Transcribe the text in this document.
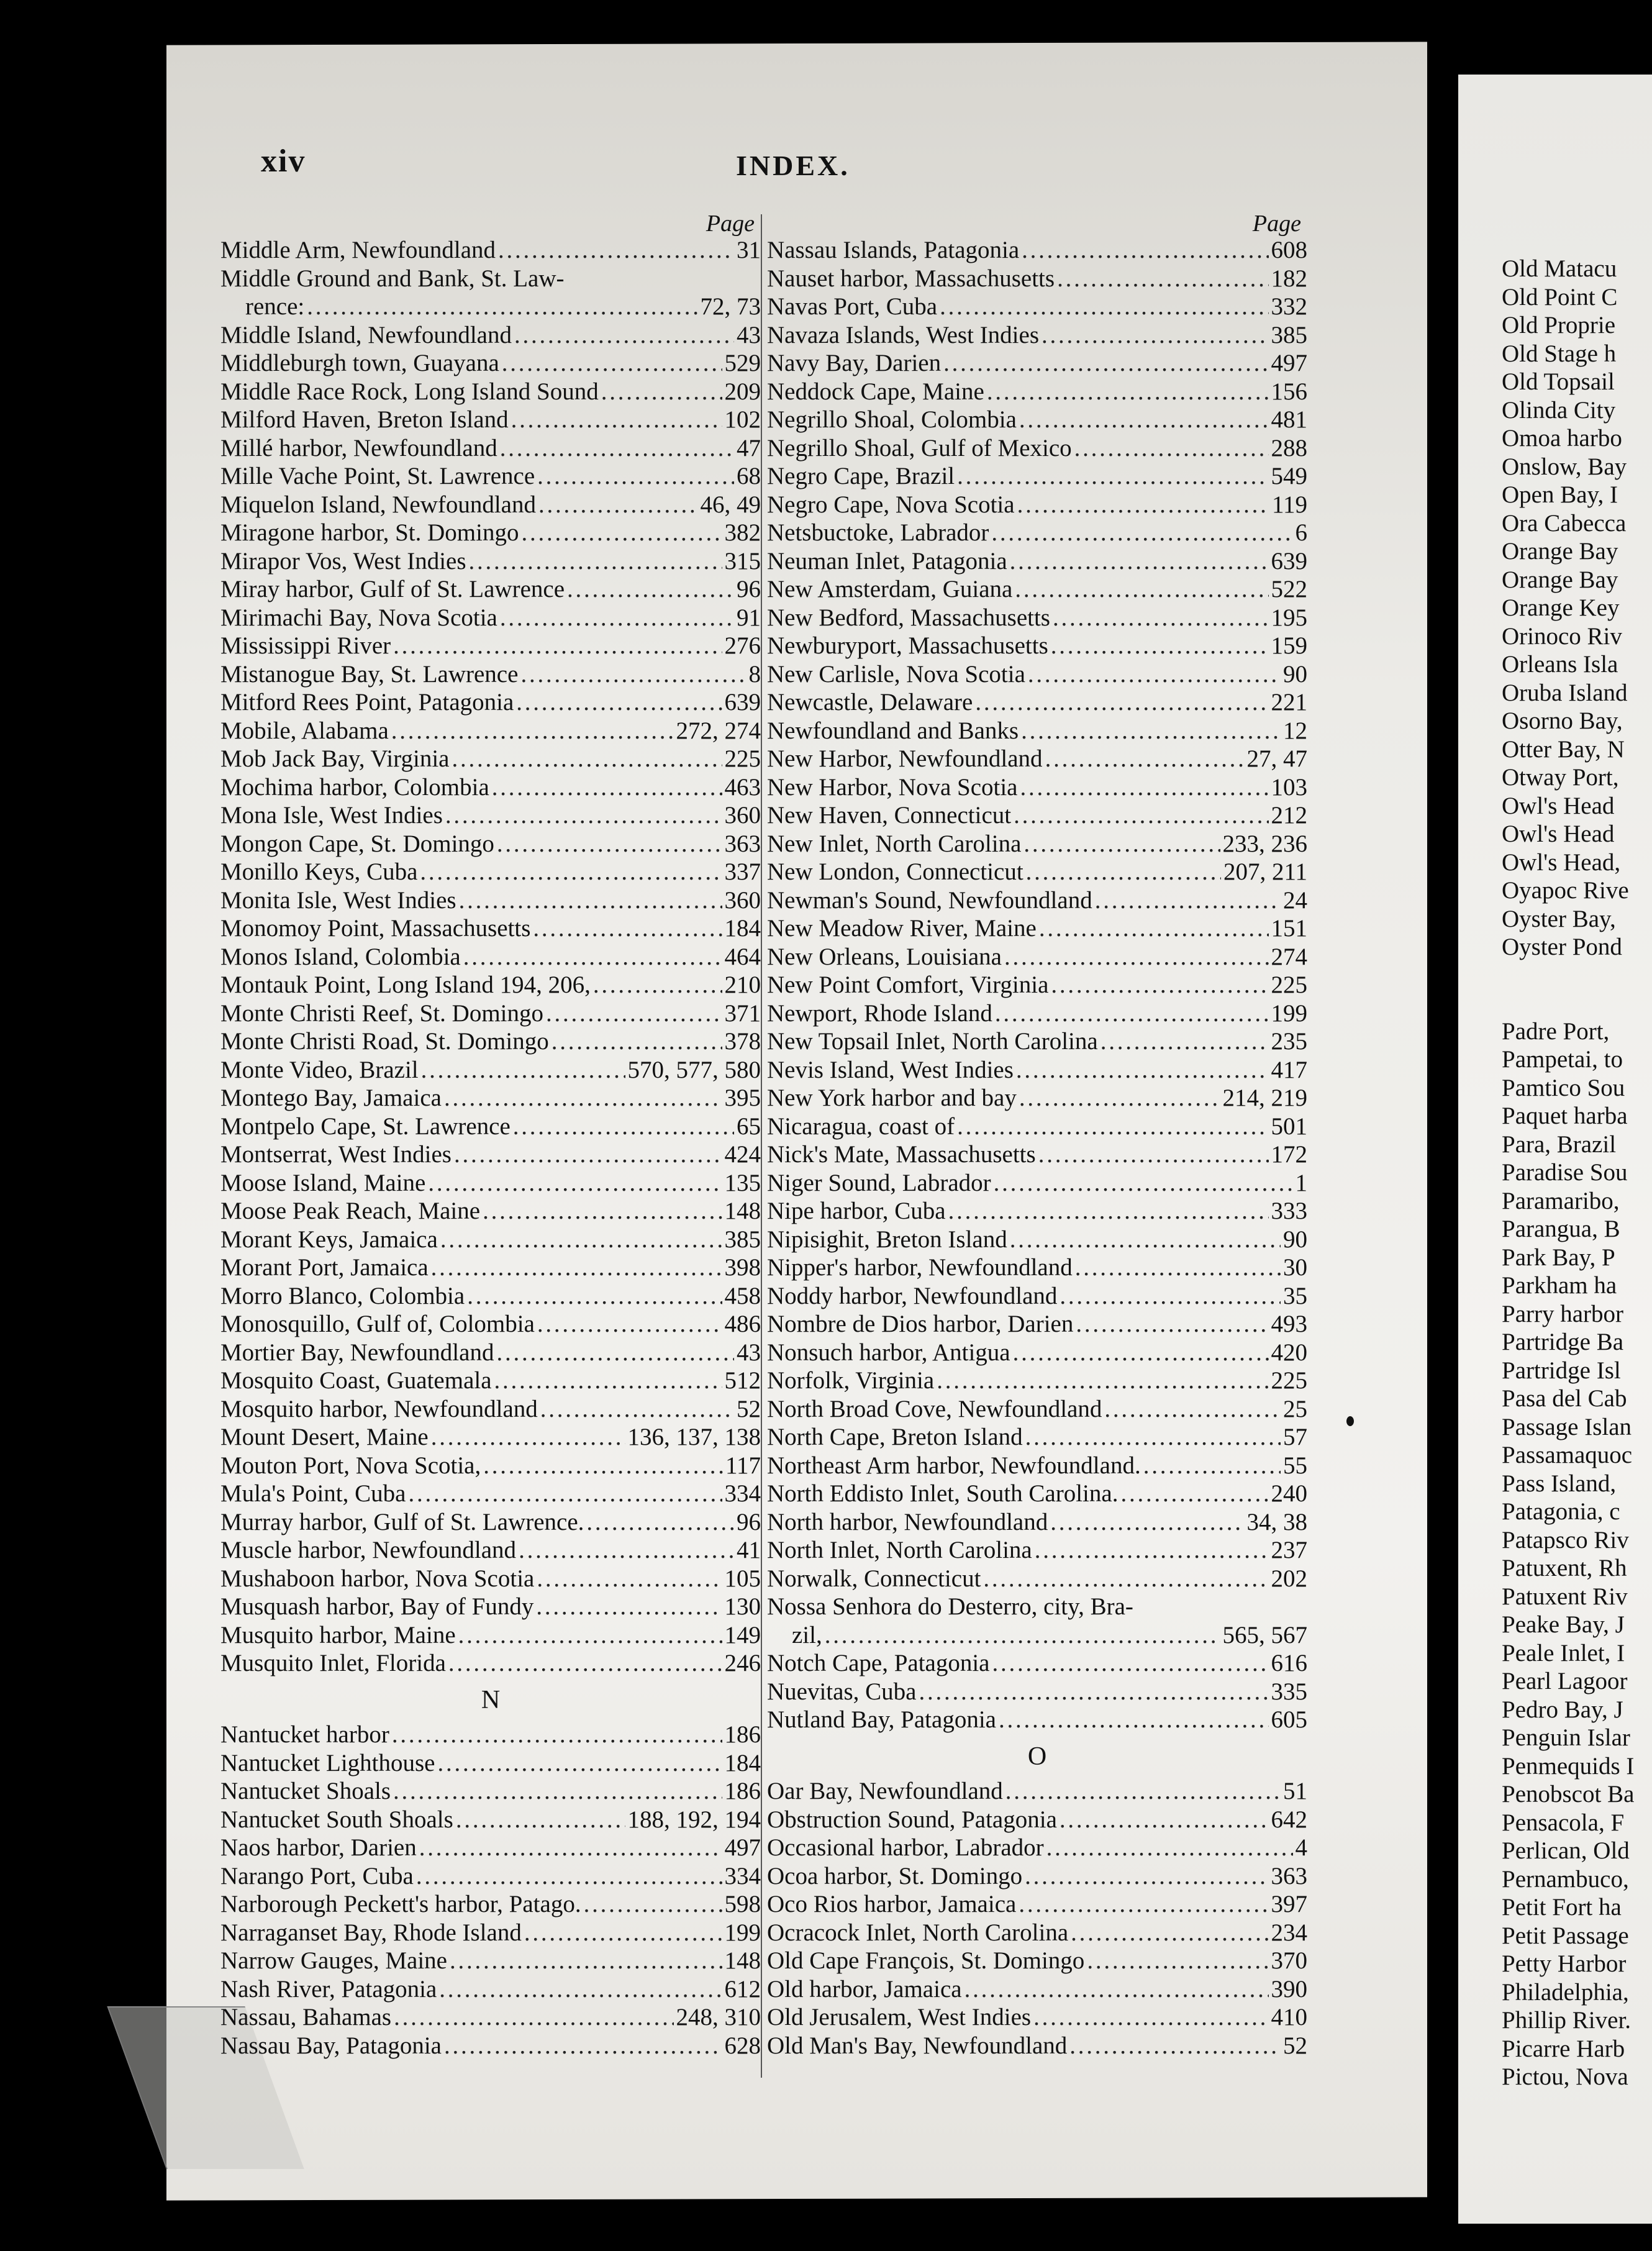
xiv	INDEX.
Page
Middle Arm, Newfoundland . . .	31
Middle Ground and Bank, St. Law-
rence: . . .	72, 73
Middle Island, Newfoundland . . .	43
Middleburgh town, Guayana . . .	529
Middle Race Rock, Long Island Sound . . .	209
Milford Haven, Breton Island . . .	102
Millé harbor, Newfoundland . . .	47
Mille Vache Point, St. Lawrence . . .	68
Miquelon Island, Newfoundland . . .	46, 49
Miragone harbor, St. Domingo . . .	382
Mirapor Vos, West Indies . . .	315
Miray harbor, Gulf of St. Lawrence . . .	96
Mirimachi Bay, Nova Scotia . . .	91
Mississippi River . . .	276
Mistanogue Bay, St. Lawrence . . .	8
Mitford Rees Point, Patagonia . . .	639
Mobile, Alabama . . .	272, 274
Mob Jack Bay, Virginia . . .	225
Mochima harbor, Colombia . . .	463
Mona Isle, West Indies . . .	360
Mongon Cape, St. Domingo . . .	363
Monillo Keys, Cuba . . .	337
Monita Isle, West Indies . . .	360
Monomoy Point, Massachusetts . . .	184
Monos Island, Colombia . . .	464
Montauk Point, Long Island 194, 206, . . .	210
Monte Christi Reef, St. Domingo . . .	371
Monte Christi Road, St. Domingo . . .	378
Monte Video, Brazil . . .	570, 577, 580
Montego Bay, Jamaica . . .	395
Montpelo Cape, St. Lawrence . . .	65
Montserrat, West Indies . . .	424
Moose Island, Maine . . .	135
Moose Peak Reach, Maine . . .	148
Morant Keys, Jamaica . . .	385
Morant Port, Jamaica . . .	398
Morro Blanco, Colombia . . .	458
Monosquillo, Gulf of, Colombia . . .	486
Mortier Bay, Newfoundland . . .	43
Mosquito Coast, Guatemala . . .	512
Mosquito harbor, Newfoundland . . .	52
Mount Desert, Maine . . .	136, 137, 138
Mouton Port, Nova Scotia, . . .	117
Mula's Point, Cuba . . .	334
Murray harbor, Gulf of St. Lawrence. . . .	96
Muscle harbor, Newfoundland . . .	41
Mushaboon harbor, Nova Scotia . . .	105
Musquash harbor, Bay of Fundy . . .	130
Musquito harbor, Maine . . .	149
Musquito Inlet, Florida . . .	246
N
Nantucket harbor . . .	186
Nantucket Lighthouse . . .	184
Nantucket Shoals . . .	186
Nantucket South Shoals . . .	188, 192, 194
Naos harbor, Darien . . .	497
Narango Port, Cuba . . .	334
Narborough Peckett's harbor, Patago. . . .	598
Narraganset Bay, Rhode Island . . .	199
Narrow Gauges, Maine . . .	148
Nash River, Patagonia . . .	612
Nassau, Bahamas . . .	248, 310
Nassau Bay, Patagonia . . .	628
Page
Nassau Islands, Patagonia . . .	608
Nauset harbor, Massachusetts . . .	182
Navas Port, Cuba . . .	332
Navaza Islands, West Indies . . .	385
Navy Bay, Darien . . .	497
Neddock Cape, Maine . . .	156
Negrillo Shoal, Colombia . . .	481
Negrillo Shoal, Gulf of Mexico . . .	288
Negro Cape, Brazil . . .	549
Negro Cape, Nova Scotia . . .	119
Netsbuctoke, Labrador . . .	6
Neuman Inlet, Patagonia . . .	639
New Amsterdam, Guiana . . .	522
New Bedford, Massachusetts . . .	195
Newburyport, Massachusetts . . .	159
New Carlisle, Nova Scotia . . .	90
Newcastle, Delaware . . .	221
Newfoundland and Banks . . .	12
New Harbor, Newfoundland . . .	27, 47
New Harbor, Nova Scotia . . .	103
New Haven, Connecticut . . .	212
New Inlet, North Carolina . . .	233, 236
New London, Connecticut . . .	207, 211
Newman's Sound, Newfoundland . . .	24
New Meadow River, Maine . . .	151
New Orleans, Louisiana . . .	274
New Point Comfort, Virginia . . .	225
Newport, Rhode Island . . .	199
New Topsail Inlet, North Carolina . . .	235
Nevis Island, West Indies . . .	417
New York harbor and bay . . .	214, 219
Nicaragua, coast of . . .	501
Nick's Mate, Massachusetts . . .	172
Niger Sound, Labrador . . .	1
Nipe harbor, Cuba . . .	333
Nipisighit, Breton Island . . .	90
Nipper's harbor, Newfoundland . . .	30
Noddy harbor, Newfoundland . . .	35
Nombre de Dios harbor, Darien . . .	493
Nonsuch harbor, Antigua . . .	420
Norfolk, Virginia . . .	225
North Broad Cove, Newfoundland . . .	25
North Cape, Breton Island . . .	57
Northeast Arm harbor, Newfoundland. . . .	55
North Eddisto Inlet, South Carolina. . . .	240
North harbor, Newfoundland . . .	34, 38
North Inlet, North Carolina . . .	237
Norwalk, Connecticut . . .	202
Nossa Senhora do Desterro, city, Bra-
zil, . . .	565, 567
Notch Cape, Patagonia . . .	616
Nuevitas, Cuba . . .	335
Nutland Bay, Patagonia . . .	605
O
Oar Bay, Newfoundland . . .	51
Obstruction Sound, Patagonia . . .	642
Occasional harbor, Labrador . . .	4
Ocoa harbor, St. Domingo . . .	363
Oco Rios harbor, Jamaica . . .	397
Ocracock Inlet, North Carolina . . .	234
Old Cape François, St. Domingo . . .	370
Old harbor, Jamaica . . .	390
Old Jerusalem, West Indies . . .	410
Old Man's Bay, Newfoundland . . .	52
Old Matacu
Old Point C
Old Proprie
Old Stage h
Old Topsail
Olinda City
Omoa harbo
Onslow, Bay
Open Bay, I
Ora Cabecca
Orange Bay
Orange Bay
Orange Key
Orinoco Riv
Orleans Isla
Oruba Island
Osorno Bay,
Otter Bay, N
Otway Port,
Owl's Head
Owl's Head
Owl's Head,
Oyapoc Rive
Oyster Bay,
Oyster Pond
Padre Port,
Pampetai, to
Pamtico Sou
Paquet harba
Para, Brazil
Paradise Sou
Paramaribo,
Parangua, B
Park Bay, P
Parkham ha
Parry harbor
Partridge Ba
Partridge Isl
Pasa del Cab
Passage Islan
Passamaquoc
Pass Island,
Patagonia, c
Patapsco Riv
Patuxent, Rh
Patuxent Riv
Peake Bay, J
Peale Inlet, I
Pearl Lagoor
Pedro Bay, J
Penguin Islar
Penmequids I
Penobscot Ba
Pensacola, F
Perlican, Old
Pernambuco,
Petit Fort ha
Petit Passage
Petty Harbor
Philadelphia,
Phillip River.
Picarre Harb
Pictou, Nova
